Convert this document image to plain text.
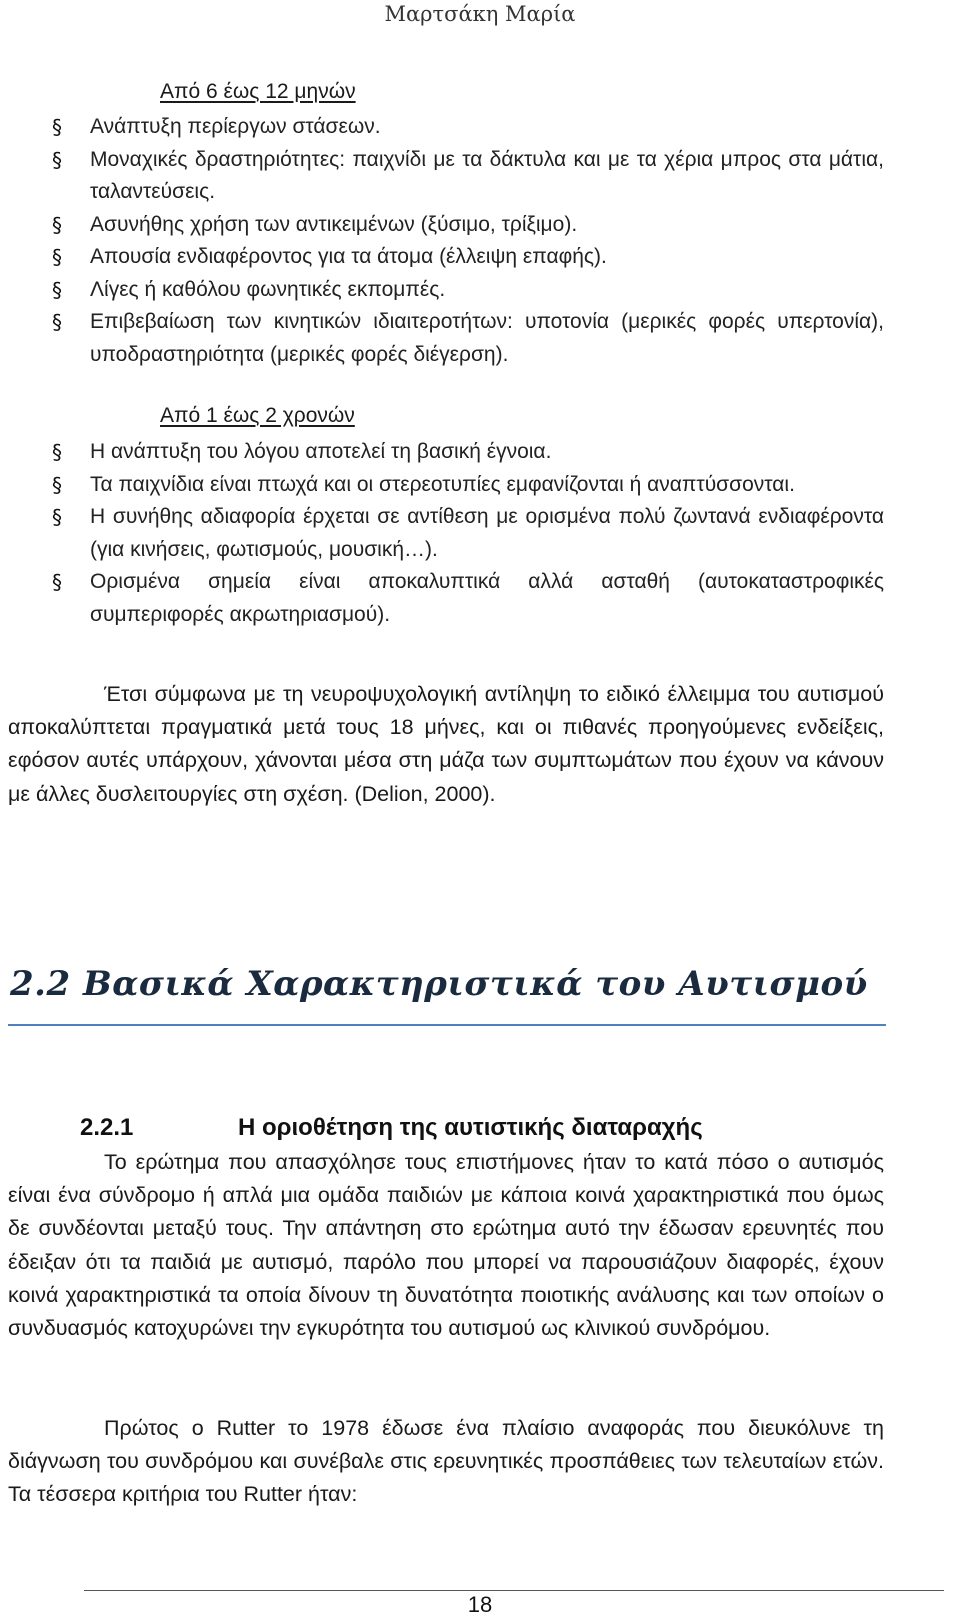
Μαρτσάκη Μαρία
Από 6 έως 12 μηνών
§ Ανάπτυξη περίεργων στάσεων.
§ Μοναχικές δραστηριότητες: παιχνίδι με τα δάκτυλα και με τα χέρια μπρος στα μάτια, ταλαντεύσεις.
§ Ασυνήθης χρήση των αντικειμένων (ξύσιμο, τρίξιμο).
§ Απουσία ενδιαφέροντος για τα άτομα (έλλειψη επαφής).
§ Λίγες ή καθόλου φωνητικές εκπομπές.
§ Επιβεβαίωση των κινητικών ιδιαιτεροτήτων: υποτονία (μερικές φορές υπερτονία), υποδραστηριότητα (μερικές φορές διέγερση).
Από 1 έως 2 χρονών
§ Η ανάπτυξη του λόγου αποτελεί τη βασική έγνοια.
§ Τα παιχνίδια είναι πτωχά και οι στερεοτυπίες εμφανίζονται ή αναπτύσσονται.
§ Η συνήθης αδιαφορία έρχεται σε αντίθεση με ορισμένα πολύ ζωντανά ενδιαφέροντα (για κινήσεις, φωτισμούς, μουσική…).
§ Ορισμένα σημεία είναι αποκαλυπτικά αλλά ασταθή (αυτοκαταστροφικές συμπεριφορές ακρωτηριασμού).

Έτσι σύμφωνα με τη νευροψυχολογική αντίληψη το ειδικό έλλειμμα του αυτισμού αποκαλύπτεται πραγματικά μετά τους 18 μήνες, και οι πιθανές προηγούμενες ενδείξεις, εφόσον αυτές υπάρχουν, χάνονται μέσα στη μάζα των συμπτωμάτων που έχουν να κάνουν με άλλες δυσλειτουργίες στη σχέση. (Delion, 2000).

2.2 Βασικά Χαρακτηριστικά του Αυτισμού
2.2.1	Η οριοθέτηση της αυτιστικής διαταραχής

Το ερώτημα που απασχόλησε τους επιστήμονες ήταν το κατά πόσο ο αυτισμός είναι ένα σύνδρομο ή απλά μια ομάδα παιδιών με κάποια κοινά χαρακτηριστικά που όμως δε συνδέονται μεταξύ τους. Την απάντηση στο ερώτημα αυτό την έδωσαν ερευνητές που έδειξαν ότι τα παιδιά με αυτισμό, παρόλο που μπορεί να παρουσιάζουν διαφορές, έχουν κοινά χαρακτηριστικά τα οποία δίνουν τη δυνατότητα ποιοτικής ανάλυσης και των οποίων ο συνδυασμός κατοχυρώνει την εγκυρότητα του αυτισμού ως κλινικού συνδρόμου.

Πρώτος ο Rutter το 1978 έδωσε ένα πλαίσιο αναφοράς που διευκόλυνε τη διάγνωση του συνδρόμου και συνέβαλε στις ερευνητικές προσπάθειες των τελευταίων ετών. Τα τέσσερα κριτήρια του Rutter ήταν:

18
